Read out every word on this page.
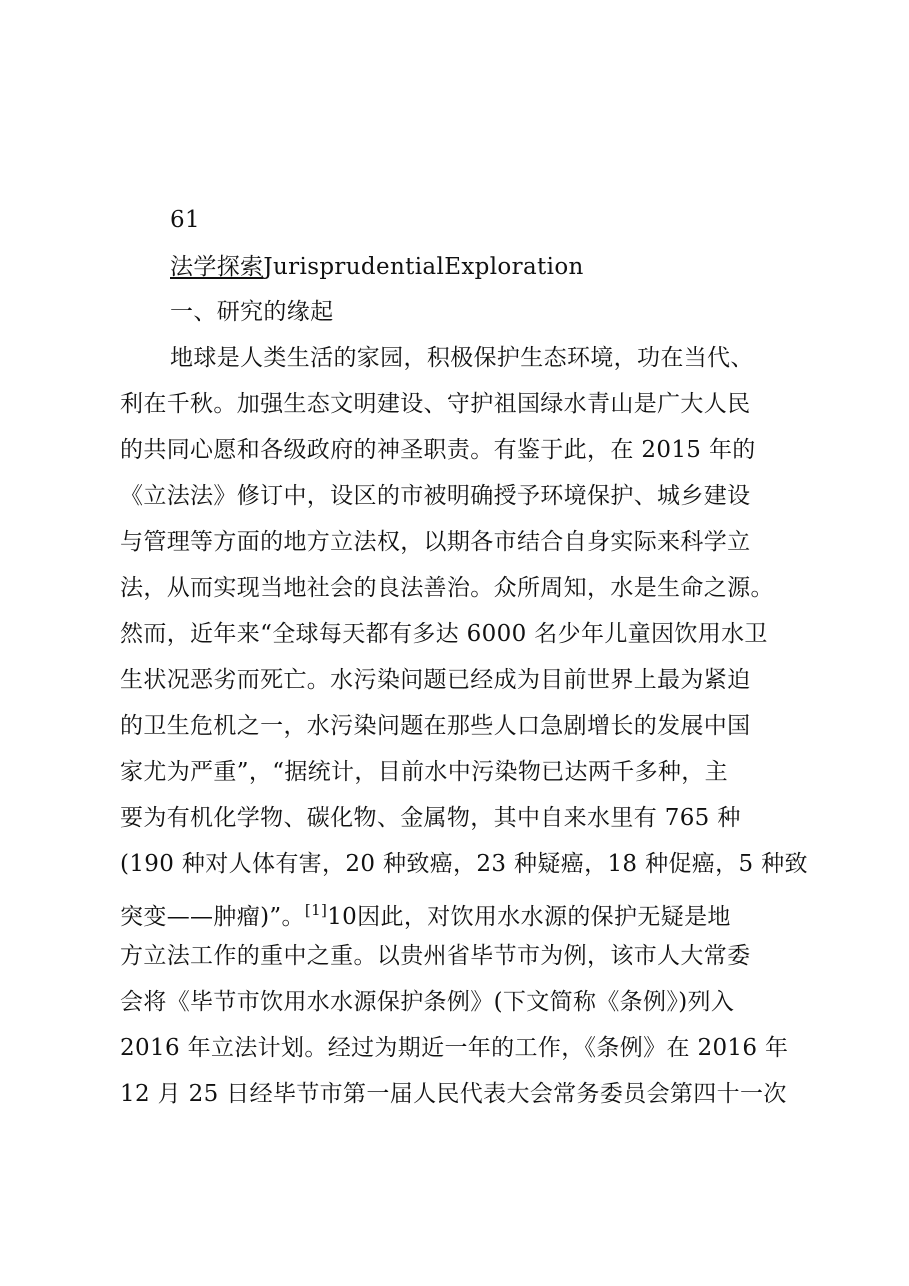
61
法学探索JurisprudentialExploration
一、研究的缘起
地球是人类生活的家园，积极保护生态环境，功在当代、
利在千秋。加强生态文明建设、守护祖国绿水青山是广大人民
的共同心愿和各级政府的神圣职责。有鉴于此，在 2015 年的
《立法法》修订中，设区的市被明确授予环境保护、城乡建设
与管理等方面的地方立法权，以期各市结合自身实际来科学立
法，从而实现当地社会的良法善治。众所周知，水是生命之源。
然而，近年来“全球每天都有多达 6000 名少年儿童因饮用水卫
生状况恶劣而死亡。水污染问题已经成为目前世界上最为紧迫
的卫生危机之一，水污染问题在那些人口急剧增长的发展中国
家尤为严重”，“据统计，目前水中污染物已达两千多种，主
要为有机化学物、碳化物、金属物，其中自来水里有 765 种
(190 种对人体有害，20 种致癌，23 种疑癌，18 种促癌，5 种致
突变——肿瘤)”。[1]10因此，对饮用水水源的保护无疑是地
方立法工作的重中之重。以贵州省毕节市为例，该市人大常委
会将《毕节市饮用水水源保护条例》(下文简称《条例》)列入
2016 年立法计划。经过为期近一年的工作，《条例》在 2016 年
12 月 25 日经毕节市第一届人民代表大会常务委员会第四十一次
